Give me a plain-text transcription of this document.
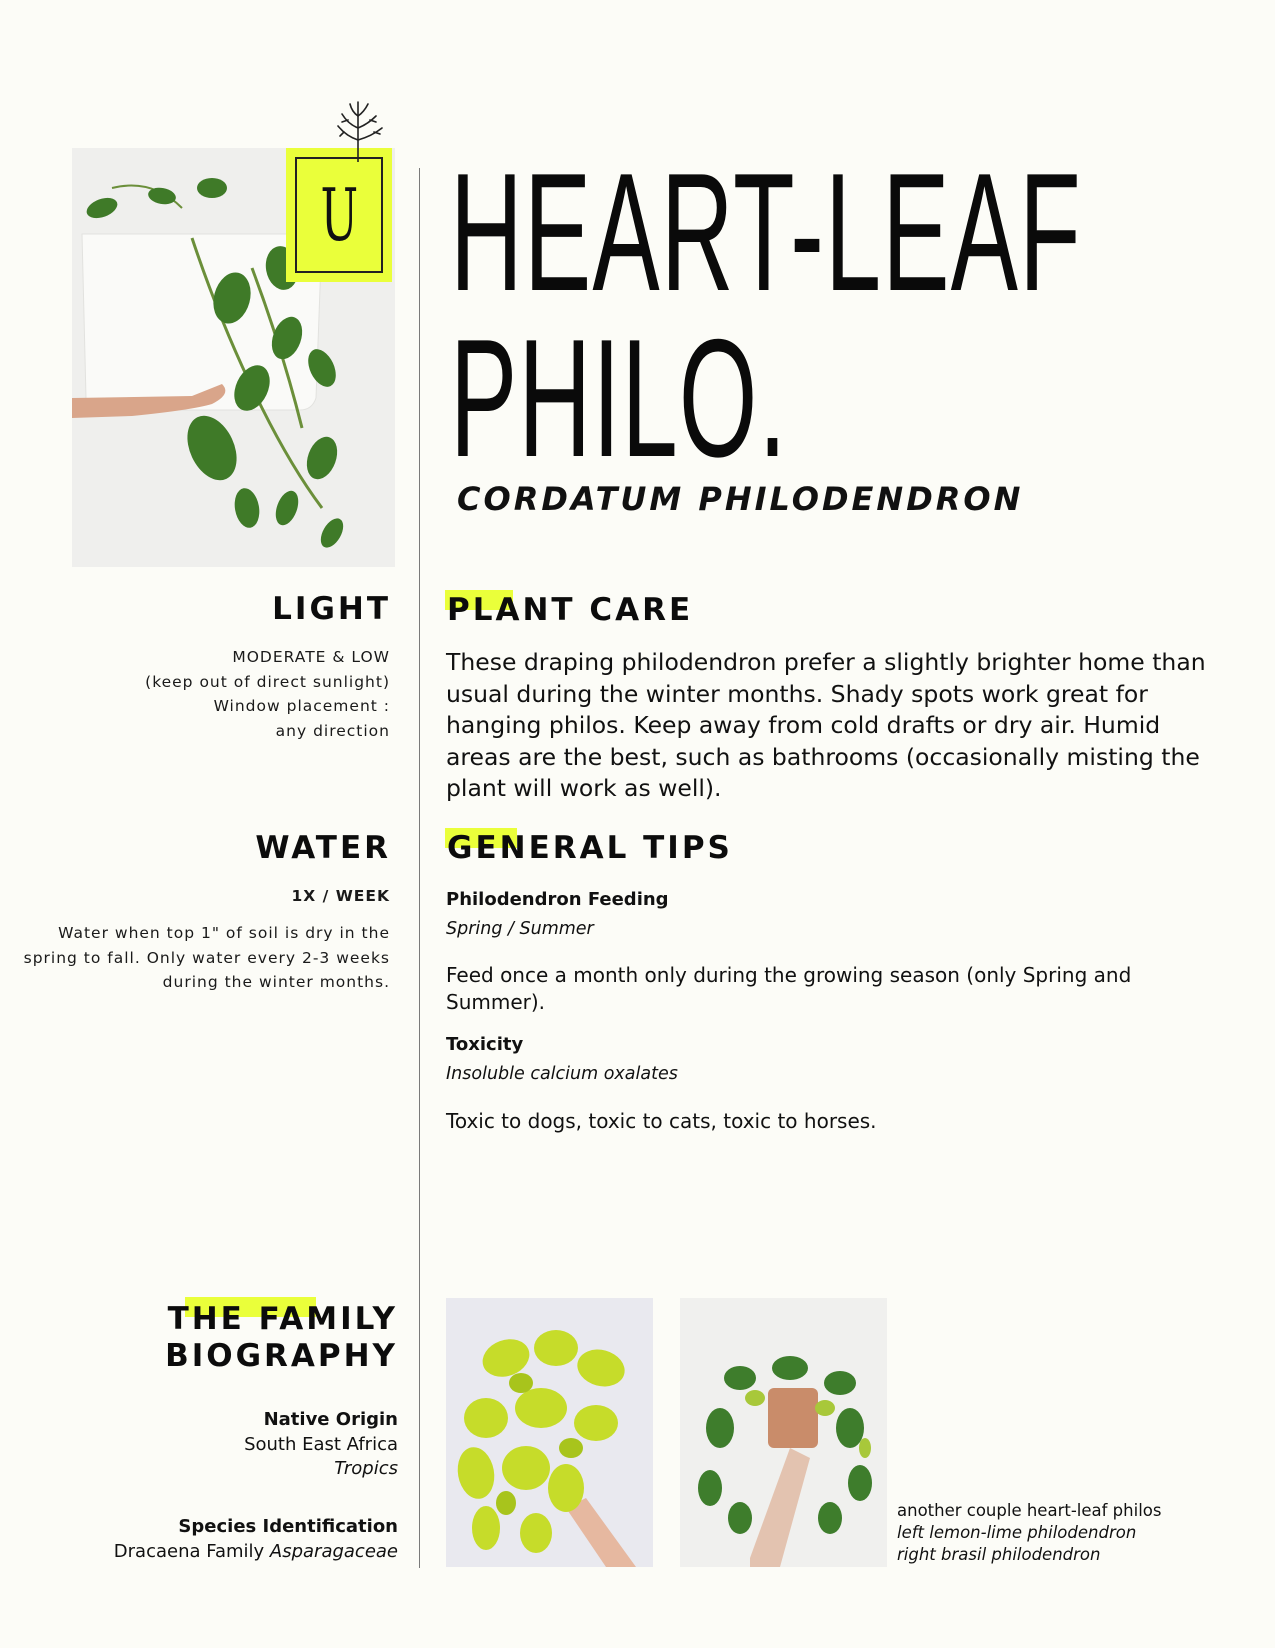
U HEART-LEAF
PHILO.
CORDATUM PHILODENDRON
LIGHT
MODERATE & LOW
(keep out of direct sunlight)
Window placement :
any direction
WATER
1X / WEEK
Water when top 1" of soil is dry in the
spring to fall. Only water every 2-3 weeks
during the winter months.
PLANT CARE
These draping philodendron prefer a slightly brighter home than
usual during the winter months. Shady spots work great for
hanging philos. Keep away from cold drafts or dry air. Humid
areas are the best, such as bathrooms (occasionally misting the
plant will work as well).
GENERAL TIPS
Philodendron Feeding
Spring / Summer
Feed once a month only during the growing season (only Spring and
Summer).
Toxicity
Insoluble calcium oxalates
Toxic to dogs, toxic to cats, toxic to horses.
THE FAMILY
BIOGRAPHY
Native Origin
South East Africa
Tropics
Species Identification
Dracaena Family Asparagaceae
another couple heart-leaf philos
left lemon-lime philodendron
right brasil philodendron
